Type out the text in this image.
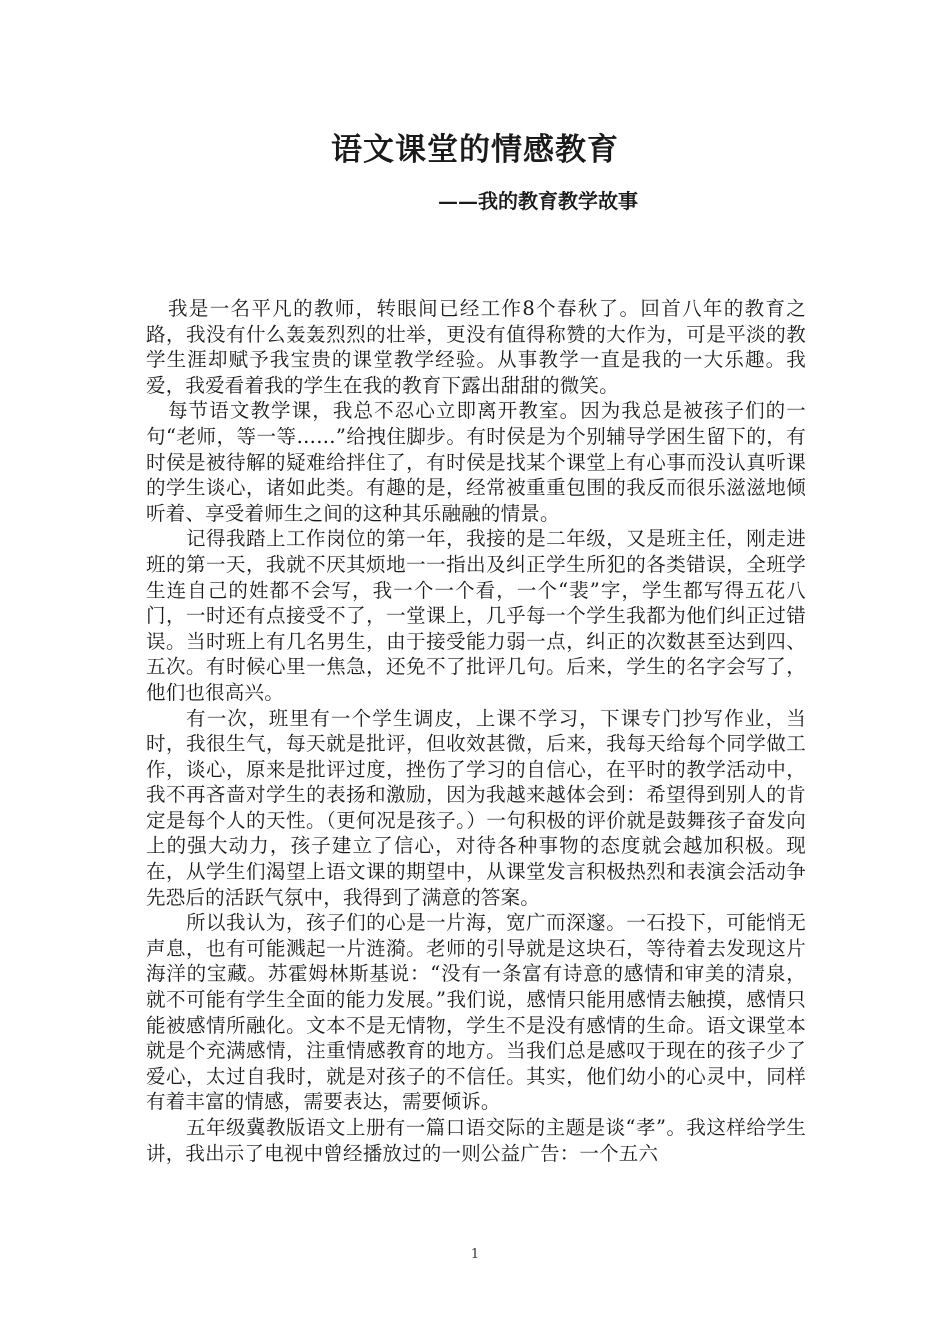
语文课堂的情感教育
——我的教育教学故事

我是一名平凡的教师，转眼间已经工作8个春秋了。回首八年的教育之路，我没有什么轰轰烈烈的壮举，更没有值得称赞的大作为，可是平淡的教学生涯却赋予我宝贵的课堂教学经验。从事教学一直是我的一大乐趣。我爱，我爱看着我的学生在我的教育下露出甜甜的微笑。

每节语文教学课，我总不忍心立即离开教室。因为我总是被孩子们的一句“老师，等一等……”给拽住脚步。有时侯是为个别辅导学困生留下的，有时侯是被待解的疑难给拌住了，有时侯是找某个课堂上有心事而没认真听课的学生谈心，诸如此类。有趣的是，经常被重重包围的我反而很乐滋滋地倾听着、享受着师生之间的这种其乐融融的情景。

记得我踏上工作岗位的第一年，我接的是二年级，又是班主任，刚走进班的第一天，我就不厌其烦地一一指出及纠正学生所犯的各类错误，全班学生连自己的姓都不会写，我一个一个看，一个“裴”字，学生都写得五花八门，一时还有点接受不了，一堂课上，几乎每一个学生我都为他们纠正过错误。当时班上有几名男生，由于接受能力弱一点，纠正的次数甚至达到四、五次。有时候心里一焦急，还免不了批评几句。后来，学生的名字会写了，他们也很高兴。

有一次，班里有一个学生调皮，上课不学习，下课专门抄写作业，当时，我很生气，每天就是批评，但收效甚微，后来，我每天给每个同学做工作，谈心，原来是批评过度，挫伤了学习的自信心，在平时的教学活动中，我不再吝啬对学生的表扬和激励，因为我越来越体会到：希望得到别人的肯定是每个人的天性。（更何况是孩子。）一句积极的评价就是鼓舞孩子奋发向上的强大动力，孩子建立了信心，对待各种事物的态度就会越加积极。现在，从学生们渴望上语文课的期望中，从课堂发言积极热烈和表演会活动争先恐后的活跃气氛中，我得到了满意的答案。

所以我认为，孩子们的心是一片海，宽广而深邃。一石投下，可能悄无声息，也有可能溅起一片涟漪。老师的引导就是这块石，等待着去发现这片海洋的宝藏。苏霍姆林斯基说：“没有一条富有诗意的感情和审美的清泉，就不可能有学生全面的能力发展。”我们说，感情只能用感情去触摸，感情只能被感情所融化。文本不是无情物，学生不是没有感情的生命。语文课堂本就是个充满感情，注重情感教育的地方。当我们总是感叹于现在的孩子少了爱心，太过自我时，就是对孩子的不信任。其实，他们幼小的心灵中，同样有着丰富的情感，需要表达，需要倾诉。

五年级冀教版语文上册有一篇口语交际的主题是谈“孝”。我这样给学生讲，我出示了电视中曾经播放过的一则公益广告：一个五六

1
